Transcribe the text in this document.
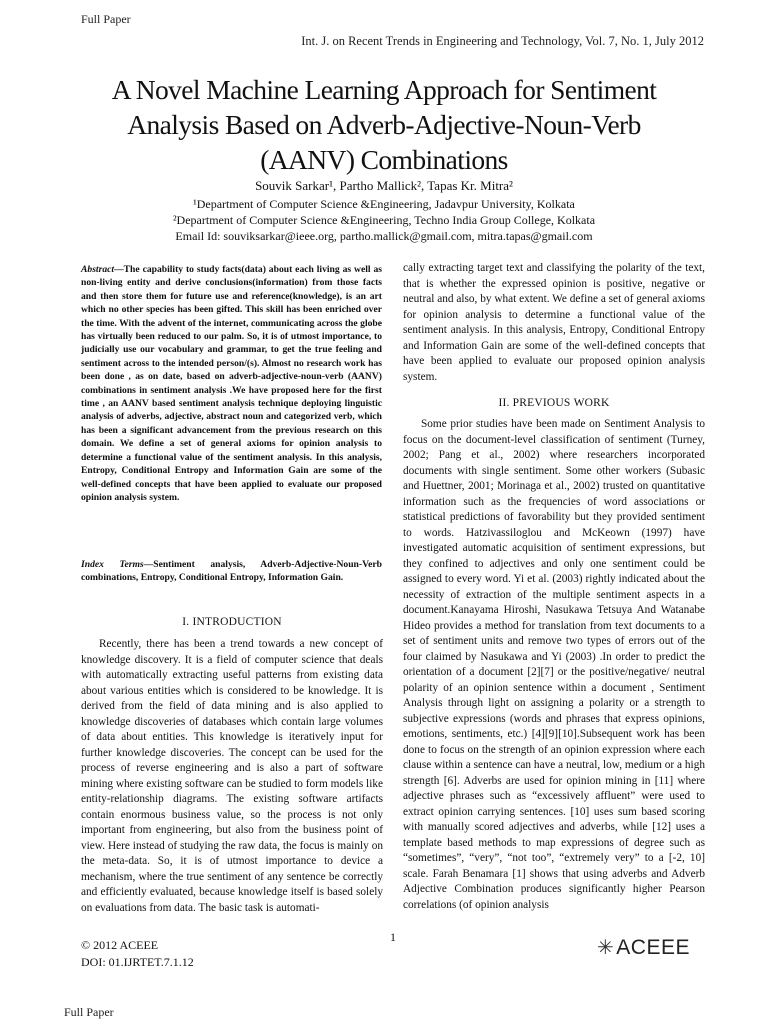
Full Paper
Int. J. on Recent Trends in Engineering and Technology, Vol. 7, No. 1, July 2012
A Novel Machine Learning Approach for Sentiment
Analysis Based on Adverb-Adjective-Noun-Verb
(AANV) Combinations
Souvik Sarkar¹, Partho Mallick², Tapas Kr. Mitra²
¹Department of Computer Science &Engineering, Jadavpur University, Kolkata
²Department of Computer Science &Engineering, Techno India Group College, Kolkata
Email Id: souviksarkar@ieee.org, partho.mallick@gmail.com, mitra.tapas@gmail.com
Abstract—The capability to study facts(data) about each living as well as non-living entity and derive conclusions(information) from those facts and then store them for future use and reference(knowledge), is an art which no other species has been gifted. This skill has been enriched over the time. With the advent of the internet, communicating across the globe has virtually been reduced to our palm. So, it is of utmost importance, to judicially use our vocabulary and grammar, to get the true feeling and sentiment across to the intended person/(s). Almost no research work has been done , as on date, based on adverb-adjective-noun-verb (AANV) combinations in sentiment analysis .We have proposed here for the first time , an AANV based sentiment analysis technique deploying linguistic analysis of adverbs, adjective, abstract noun and categorized verb, which has been a significant advancement from the previous research on this domain. We define a set of general axioms for opinion analysis to determine a functional value of the sentiment analysis. In this analysis, Entropy, Conditional Entropy and Information Gain are some of the well-defined concepts that have been applied to evaluate our proposed opinion analysis system.
Index Terms—Sentiment analysis, Adverb-Adjective-Noun-Verb combinations, Entropy, Conditional Entropy, Information Gain.
I. INTRODUCTION

Recently, there has been a trend towards a new concept of knowledge discovery. It is a field of computer science that deals with automatically extracting useful patterns from existing data about various entities which is considered to be knowledge. It is derived from the field of data mining and is also applied to knowledge discoveries of databases which contain large volumes of data about entities. This knowledge is iteratively input for further knowledge discoveries. The concept can be used for the process of reverse engineering and is also a part of software mining where existing software can be studied to form models like entity-relationship diagrams. The existing software artifacts contain enormous business value, so the process is not only important from engineering, but also from the business point of view. Here instead of studying the raw data, the focus is mainly on the meta-data. So, it is of utmost importance to device a mechanism, where the true sentiment of any sentence be correctly and efficiently evaluated, because knowledge itself is based solely on evaluations from data. The basic task is automati-

cally extracting target text and classifying the polarity of the text, that is whether the expressed opinion is positive, negative or neutral and also, by what extent. We define a set of general axioms for opinion analysis to determine a functional value of the sentiment analysis. In this analysis, Entropy, Conditional Entropy and Information Gain are some of the well-defined concepts that have been applied to evaluate our proposed opinion analysis system.

II. PREVIOUS WORK

Some prior studies have been made on Sentiment Analysis to focus on the document-level classification of sentiment (Turney, 2002; Pang et al., 2002) where researchers incorporated documents with single sentiment. Some other workers (Subasic and Huettner, 2001; Morinaga et al., 2002) trusted on quantitative information such as the frequencies of word associations or statistical predictions of favorability but they provided sentiment to words. Hatzivassiloglou and McKeown (1997) have investigated automatic acquisition of sentiment expressions, but they confined to adjectives and only one sentiment could be assigned to every word. Yi et al. (2003) rightly indicated about the necessity of extraction of the multiple sentiment aspects in a document.Kanayama Hiroshi, Nasukawa Tetsuya And Watanabe Hideo provides a method for translation from text documents to a set of sentiment units and remove two types of errors out of the four claimed by Nasukawa and Yi (2003) .In order to predict the orientation of a document [2][7] or the positive/negative/ neutral polarity of an opinion sentence within a document , Sentiment Analysis through light on assigning a polarity or a strength to subjective expressions (words and phrases that express opinions, emotions, sentiments, etc.) [4][9][10].Subsequent work has been done to focus on the strength of an opinion expression where each clause within a sentence can have a neutral, low, medium or a high strength [6]. Adverbs are used for opinion mining in [11] where adjective phrases such as “excessively affluent” were used to extract opinion carrying sentences. [10] uses sum based scoring with manually scored adjectives and adverbs, while [12] uses a template based methods to map expressions of degree such as “sometimes”, “very”, “not too”, “extremely very” to a [-2, 10] scale. Farah Benamara [1] shows that using adverbs and Adverb Adjective Combination produces significantly higher Pearson correlations (of opinion analysis

© 2012 ACEEE
DOI: 01.IJRTET.7.1.12
1	✳ACEEE
Full Paper
